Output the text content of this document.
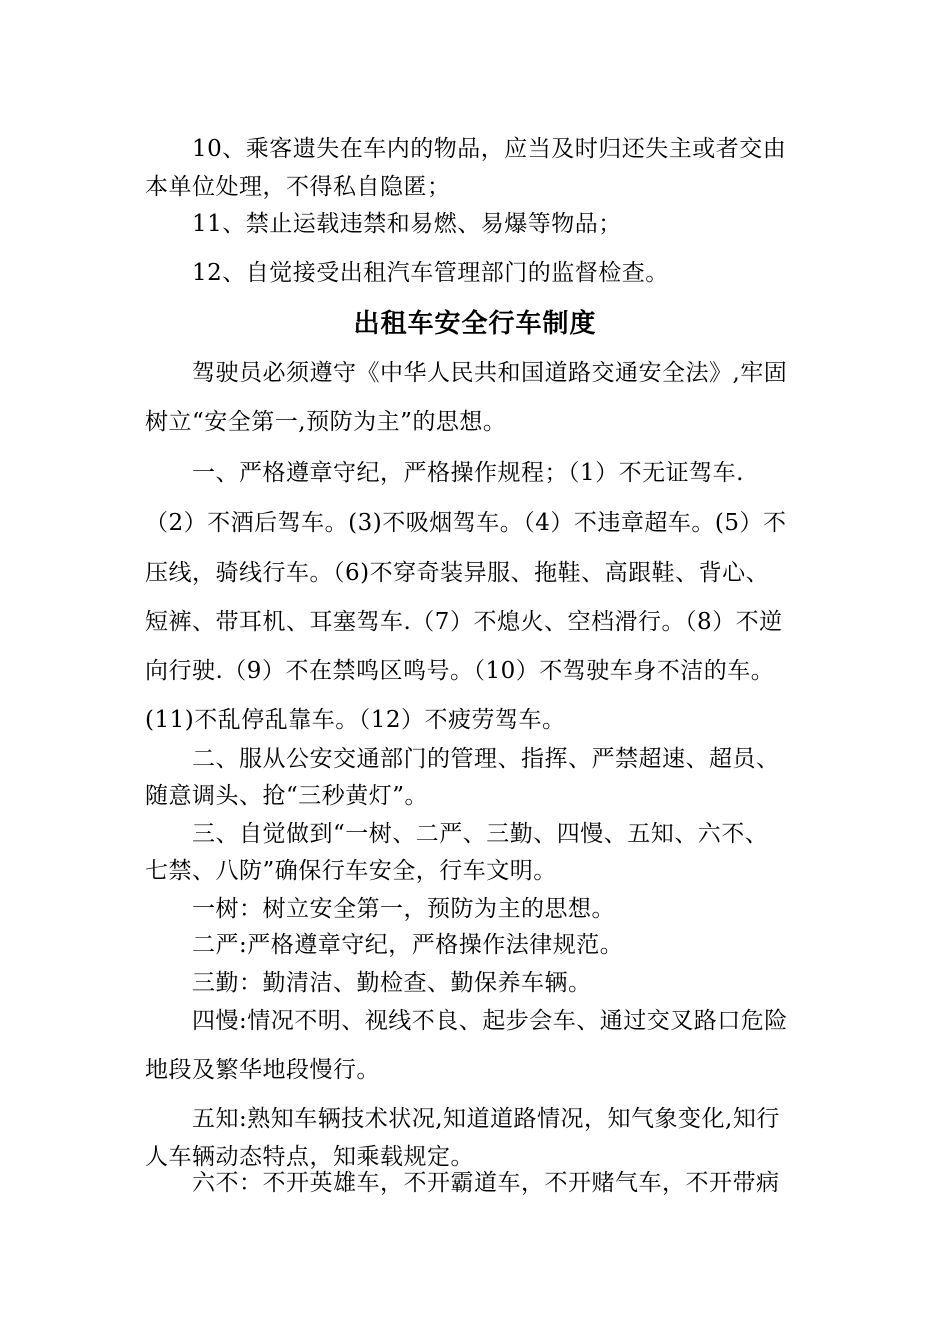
10、乘客遗失在车内的物品，应当及时归还失主或者交由
本单位处理，不得私自隐匿；
11、禁止运载违禁和易燃、易爆等物品；
12、自觉接受出租汽车管理部门的监督检查。
出租车安全行车制度
驾驶员必须遵守《中华人民共和国道路交通安全法》,牢固
树立“安全第一,预防为主”的思想。
一、严格遵章守纪，严格操作规程；（1）不无证驾车.
（2）不酒后驾车。(3)不吸烟驾车。（4）不违章超车。(5）不
压线，骑线行车。（6)不穿奇装异服、拖鞋、高跟鞋、背心、
短裤、带耳机、耳塞驾车.（7）不熄火、空档滑行。（8）不逆
向行驶.（9）不在禁鸣区鸣号。（10）不驾驶车身不洁的车。
(11)不乱停乱靠车。（12）不疲劳驾车。
二、服从公安交通部门的管理、指挥、严禁超速、超员、
随意调头、抢“三秒黄灯”。
三、自觉做到“一树、二严、三勤、四慢、五知、六不、
七禁、八防”确保行车安全，行车文明。
一树：树立安全第一，预防为主的思想。
二严:严格遵章守纪，严格操作法律规范。
三勤：勤清洁、勤检查、勤保养车辆。
四慢:情况不明、视线不良、起步会车、通过交叉路口危险
地段及繁华地段慢行。
五知:熟知车辆技术状况,知道道路情况，知气象变化,知行
人车辆动态特点，知乘载规定。
六不：不开英雄车，不开霸道车，不开赌气车，不开带病
